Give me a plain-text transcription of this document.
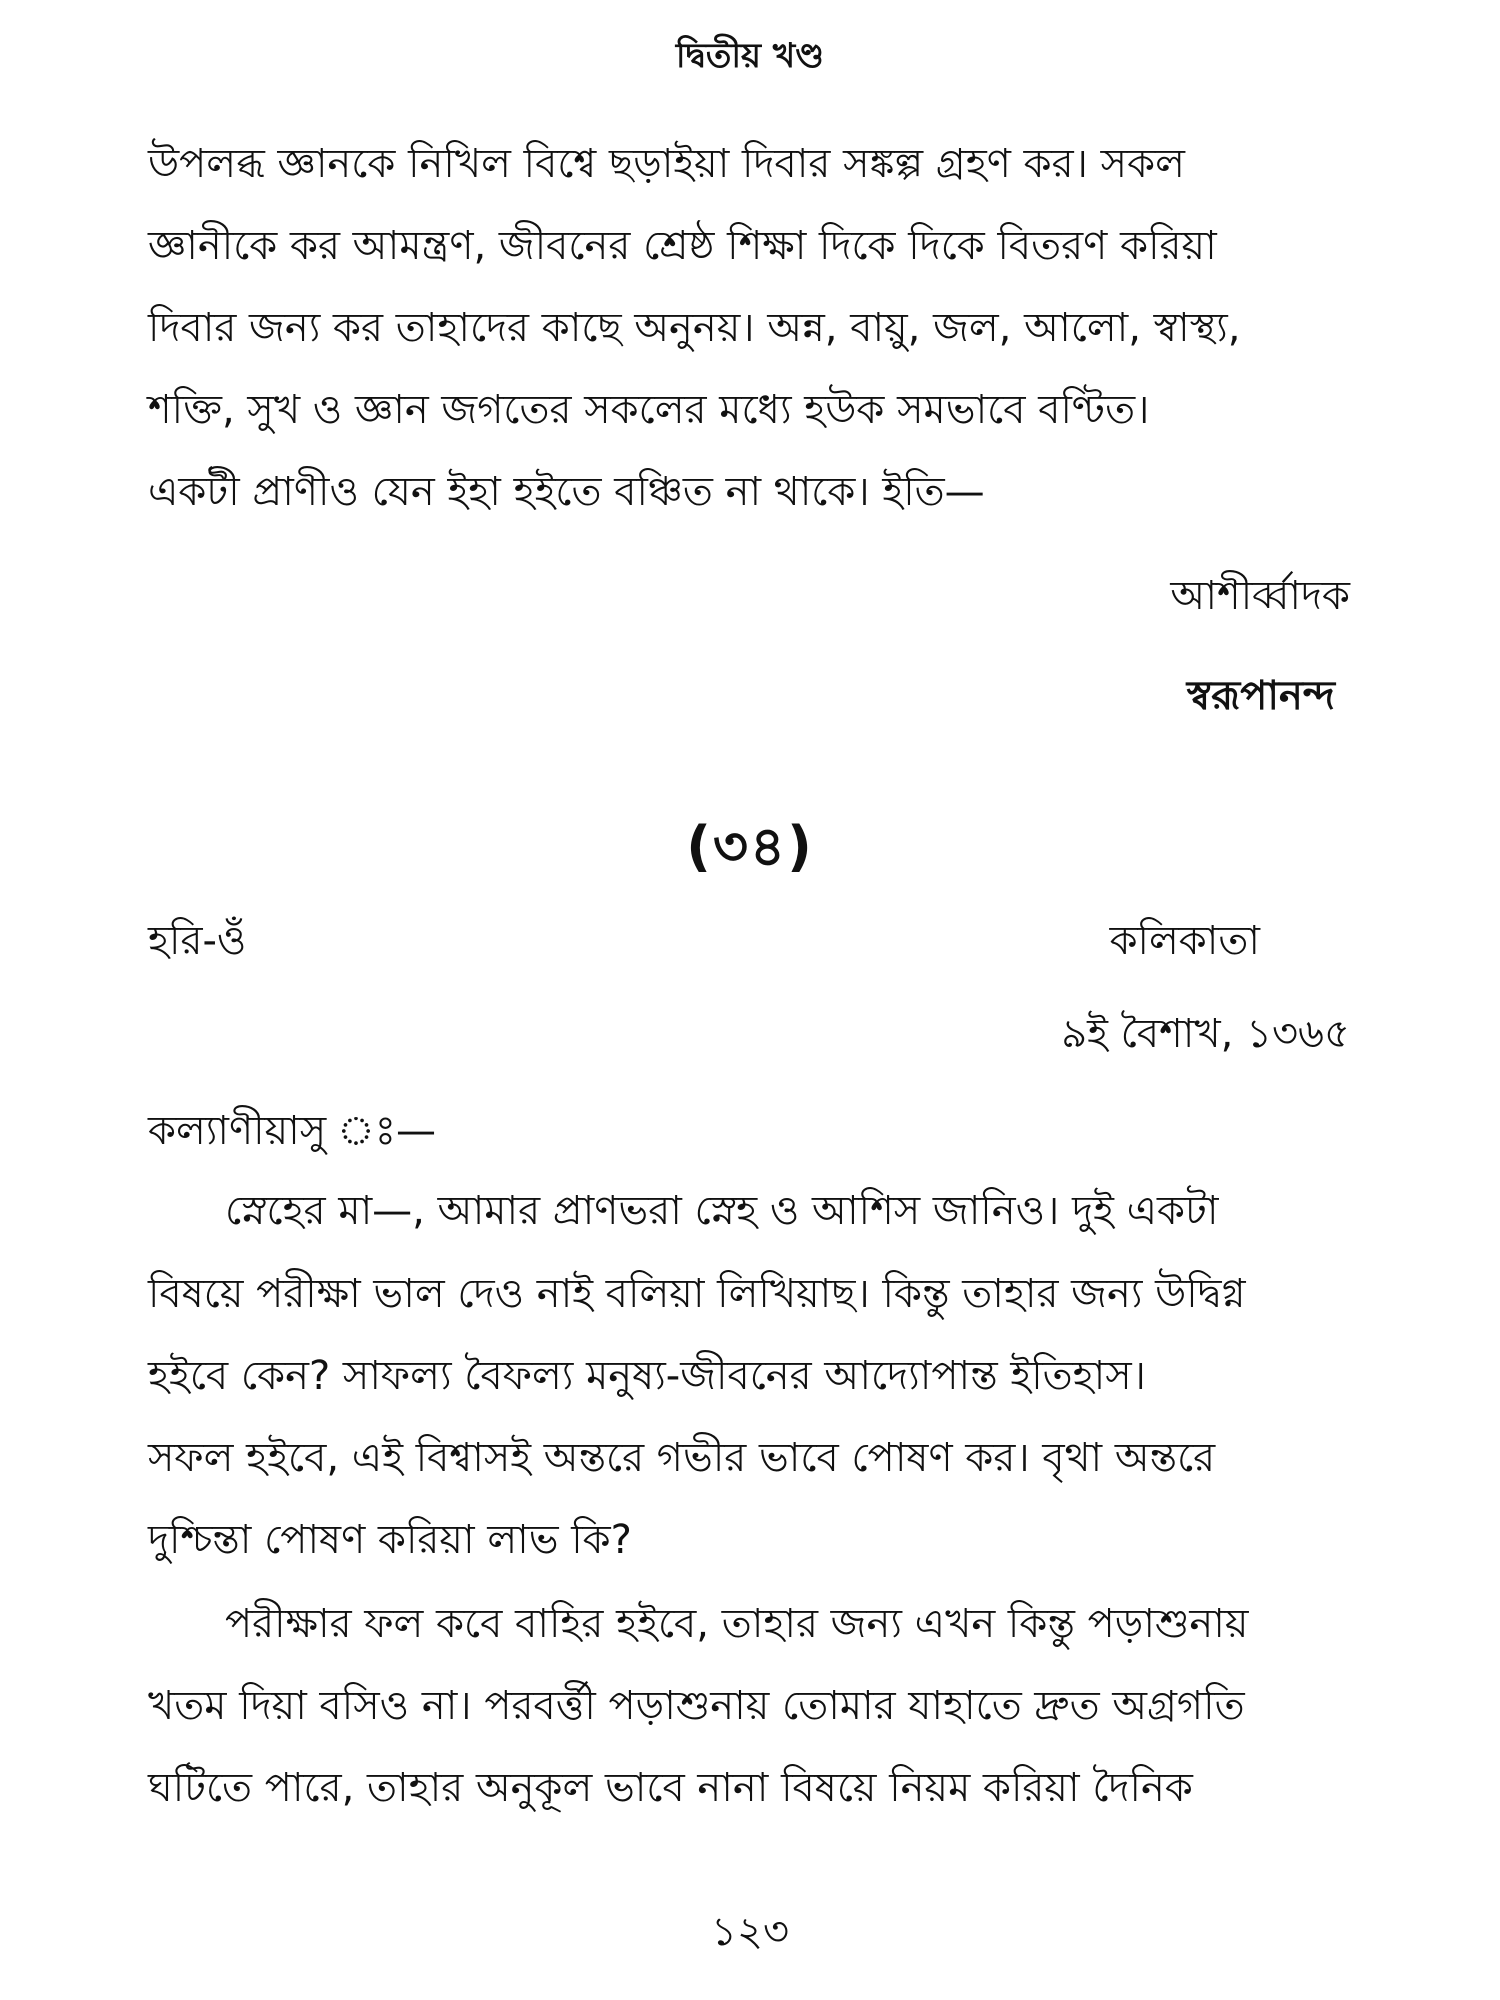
দ্বিতীয় খণ্ড
উপলব্ধ জ্ঞানকে নিখিল বিশ্বে ছড়াইয়া দিবার সঙ্কল্প গ্রহণ কর। সকল
জ্ঞানীকে কর আমন্ত্রণ, জীবনের শ্রেষ্ঠ শিক্ষা দিকে দিকে বিতরণ করিয়া
দিবার জন্য কর তাহাদের কাছে অনুনয়। অন্ন, বায়ু, জল, আলো, স্বাস্থ্য,
শক্তি, সুখ ও জ্ঞান জগতের সকলের মধ্যে হউক সমভাবে বণ্টিত।
একটী প্রাণীও যেন ইহা হইতে বঞ্চিত না থাকে। ইতি—
আশীর্ব্বাদক
স্বরূপানন্দ
(৩৪)
হরি-ওঁ	কলিকাতা
৯ই বৈশাখ, ১৩৬৫
কল্যাণীয়াসু ঃ—
স্নেহের মা—, আমার প্রাণভরা স্নেহ ও আশিস জানিও। দুই একটা
বিষয়ে পরীক্ষা ভাল দেও নাই বলিয়া লিখিয়াছ। কিন্তু তাহার জন্য উদ্বিগ্ন
হইবে কেন? সাফল্য বৈফল্য মনুষ্য-জীবনের আদ্যোপান্ত ইতিহাস।
সফল হইবে, এই বিশ্বাসই অন্তরে গভীর ভাবে পোষণ কর। বৃথা অন্তরে
দুশ্চিন্তা পোষণ করিয়া লাভ কি?
পরীক্ষার ফল কবে বাহির হইবে, তাহার জন্য এখন কিন্তু পড়াশুনায়
খতম দিয়া বসিও না। পরবর্ত্তী পড়াশুনায় তোমার যাহাতে দ্রুত অগ্রগতি
ঘটিতে পারে, তাহার অনুকূল ভাবে নানা বিষয়ে নিয়ম করিয়া দৈনিক
১২৩
